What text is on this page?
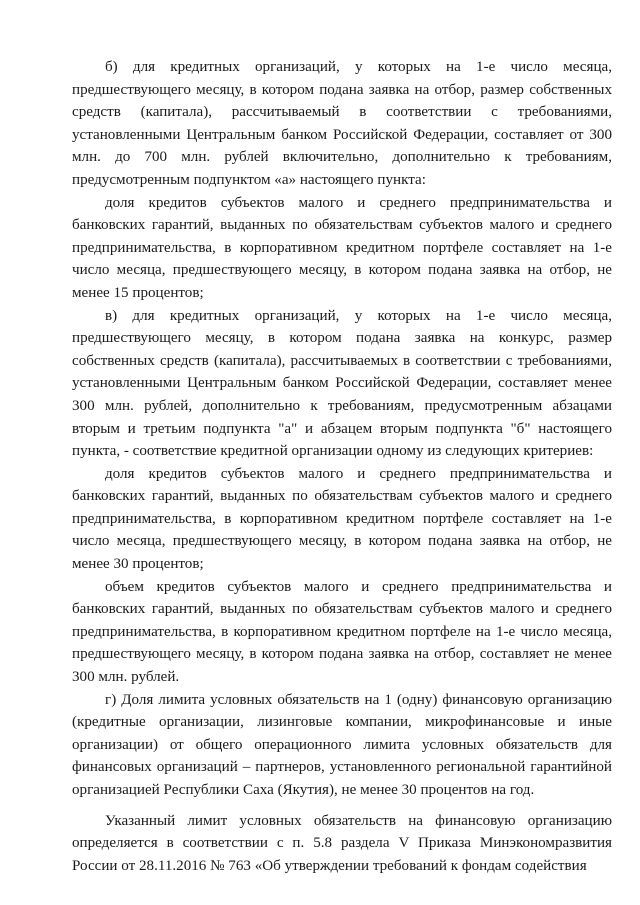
б) для кредитных организаций, у которых на 1-е число месяца, предшествующего месяцу, в котором подана заявка на отбор, размер собственных средств (капитала), рассчитываемый в соответствии с требованиями, установленными Центральным банком Российской Федерации, составляет от 300 млн. до 700 млн. рублей включительно, дополнительно к требованиям, предусмотренным подпунктом «а» настоящего пункта:

доля кредитов субъектов малого и среднего предпринимательства и банковских гарантий, выданных по обязательствам субъектов малого и среднего предпринимательства, в корпоративном кредитном портфеле составляет на 1-е число месяца, предшествующего месяцу, в котором подана заявка на отбор, не менее 15 процентов;

в) для кредитных организаций, у которых на 1-е число месяца, предшествующего месяцу, в котором подана заявка на конкурс, размер собственных средств (капитала), рассчитываемых в соответствии с требованиями, установленными Центральным банком Российской Федерации, составляет менее 300 млн. рублей, дополнительно к требованиям, предусмотренным абзацами вторым и третьим подпункта "а" и абзацем вторым подпункта "б" настоящего пункта, - соответствие кредитной организации одному из следующих критериев:

доля кредитов субъектов малого и среднего предпринимательства и банковских гарантий, выданных по обязательствам субъектов малого и среднего предпринимательства, в корпоративном кредитном портфеле составляет на 1-е число месяца, предшествующего месяцу, в котором подана заявка на отбор, не менее 30 процентов;

объем кредитов субъектов малого и среднего предпринимательства и банковских гарантий, выданных по обязательствам субъектов малого и среднего предпринимательства, в корпоративном кредитном портфеле на 1-е число месяца, предшествующего месяцу, в котором подана заявка на отбор, составляет не менее 300 млн. рублей.

г) Доля лимита условных обязательств на 1 (одну) финансовую организацию (кредитные организации, лизинговые компании, микрофинансовые и иные организации) от общего операционного лимита условных обязательств для финансовых организаций – партнеров, установленного региональной гарантийной организацией Республики Саха (Якутия), не менее 30 процентов на год.

Указанный лимит условных обязательств на финансовую организацию определяется в соответствии с п. 5.8 раздела V Приказа Минэкономразвития России от 28.11.2016 № 763 «Об утверждении требований к фондам содействия
